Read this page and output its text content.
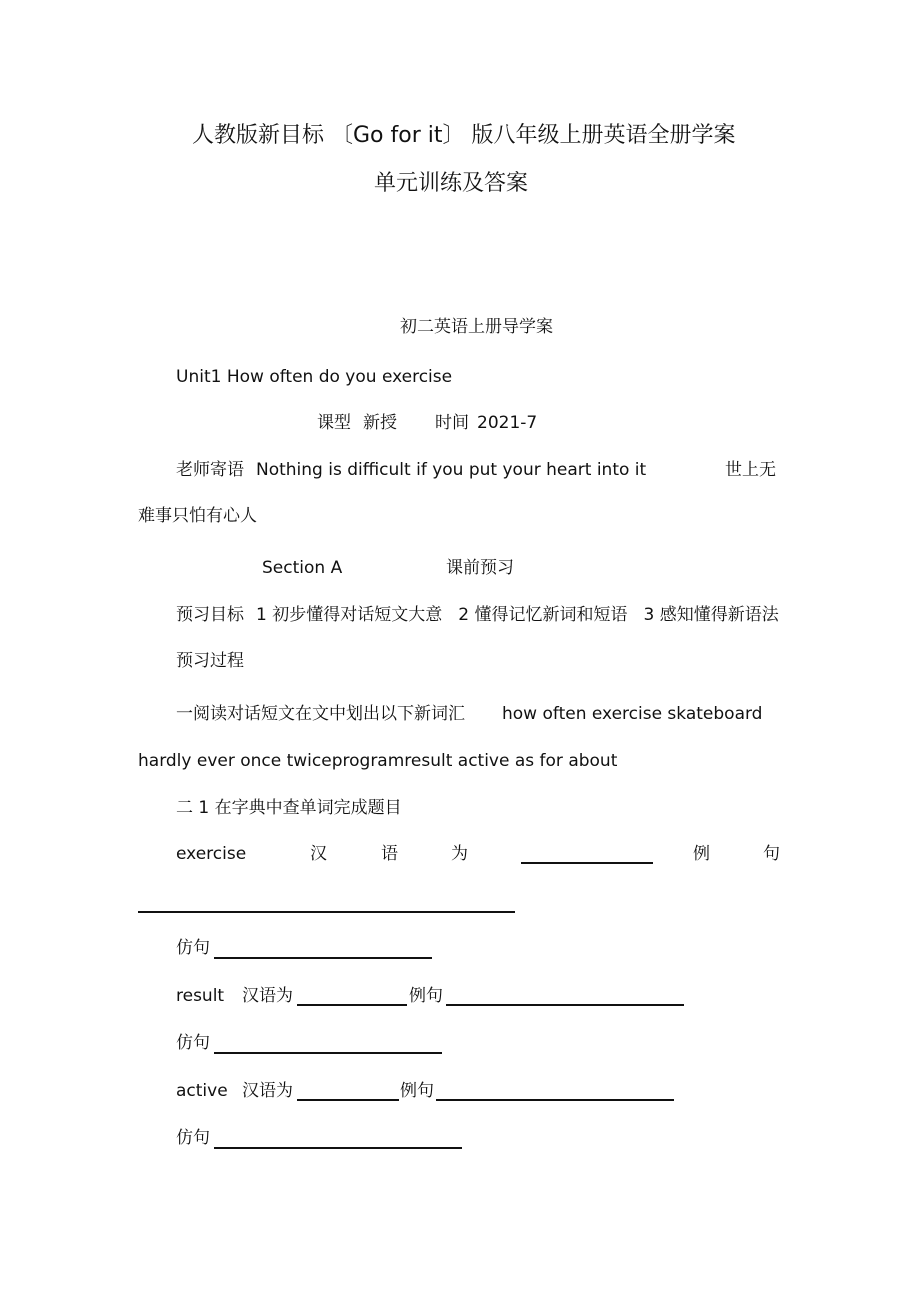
人教版新目标 〔Go for it〕 版八年级上册英语全册学案
单元训练及答案
初二英语上册导学案
Unit1 How often do you exercise
课型 新授 时间 2021-7
老师寄语 Nothing is difficult if you put your heart into it	世上无
难事只怕有心人
Section A	课前预习
预习目标 1 初步懂得对话短文大意 2 懂得记忆新词和短语 3 感知懂得新语法
预习过程
一阅读对话短文在文中划出以下新词汇 how often exercise skateboard
hardly ever once twiceprogramresult active as for about
二 1 在字典中查单词完成题目
exercise	汉	语	为	例	句
仿句
result 汉语为	例句
仿句
active 汉语为	例句
仿句
